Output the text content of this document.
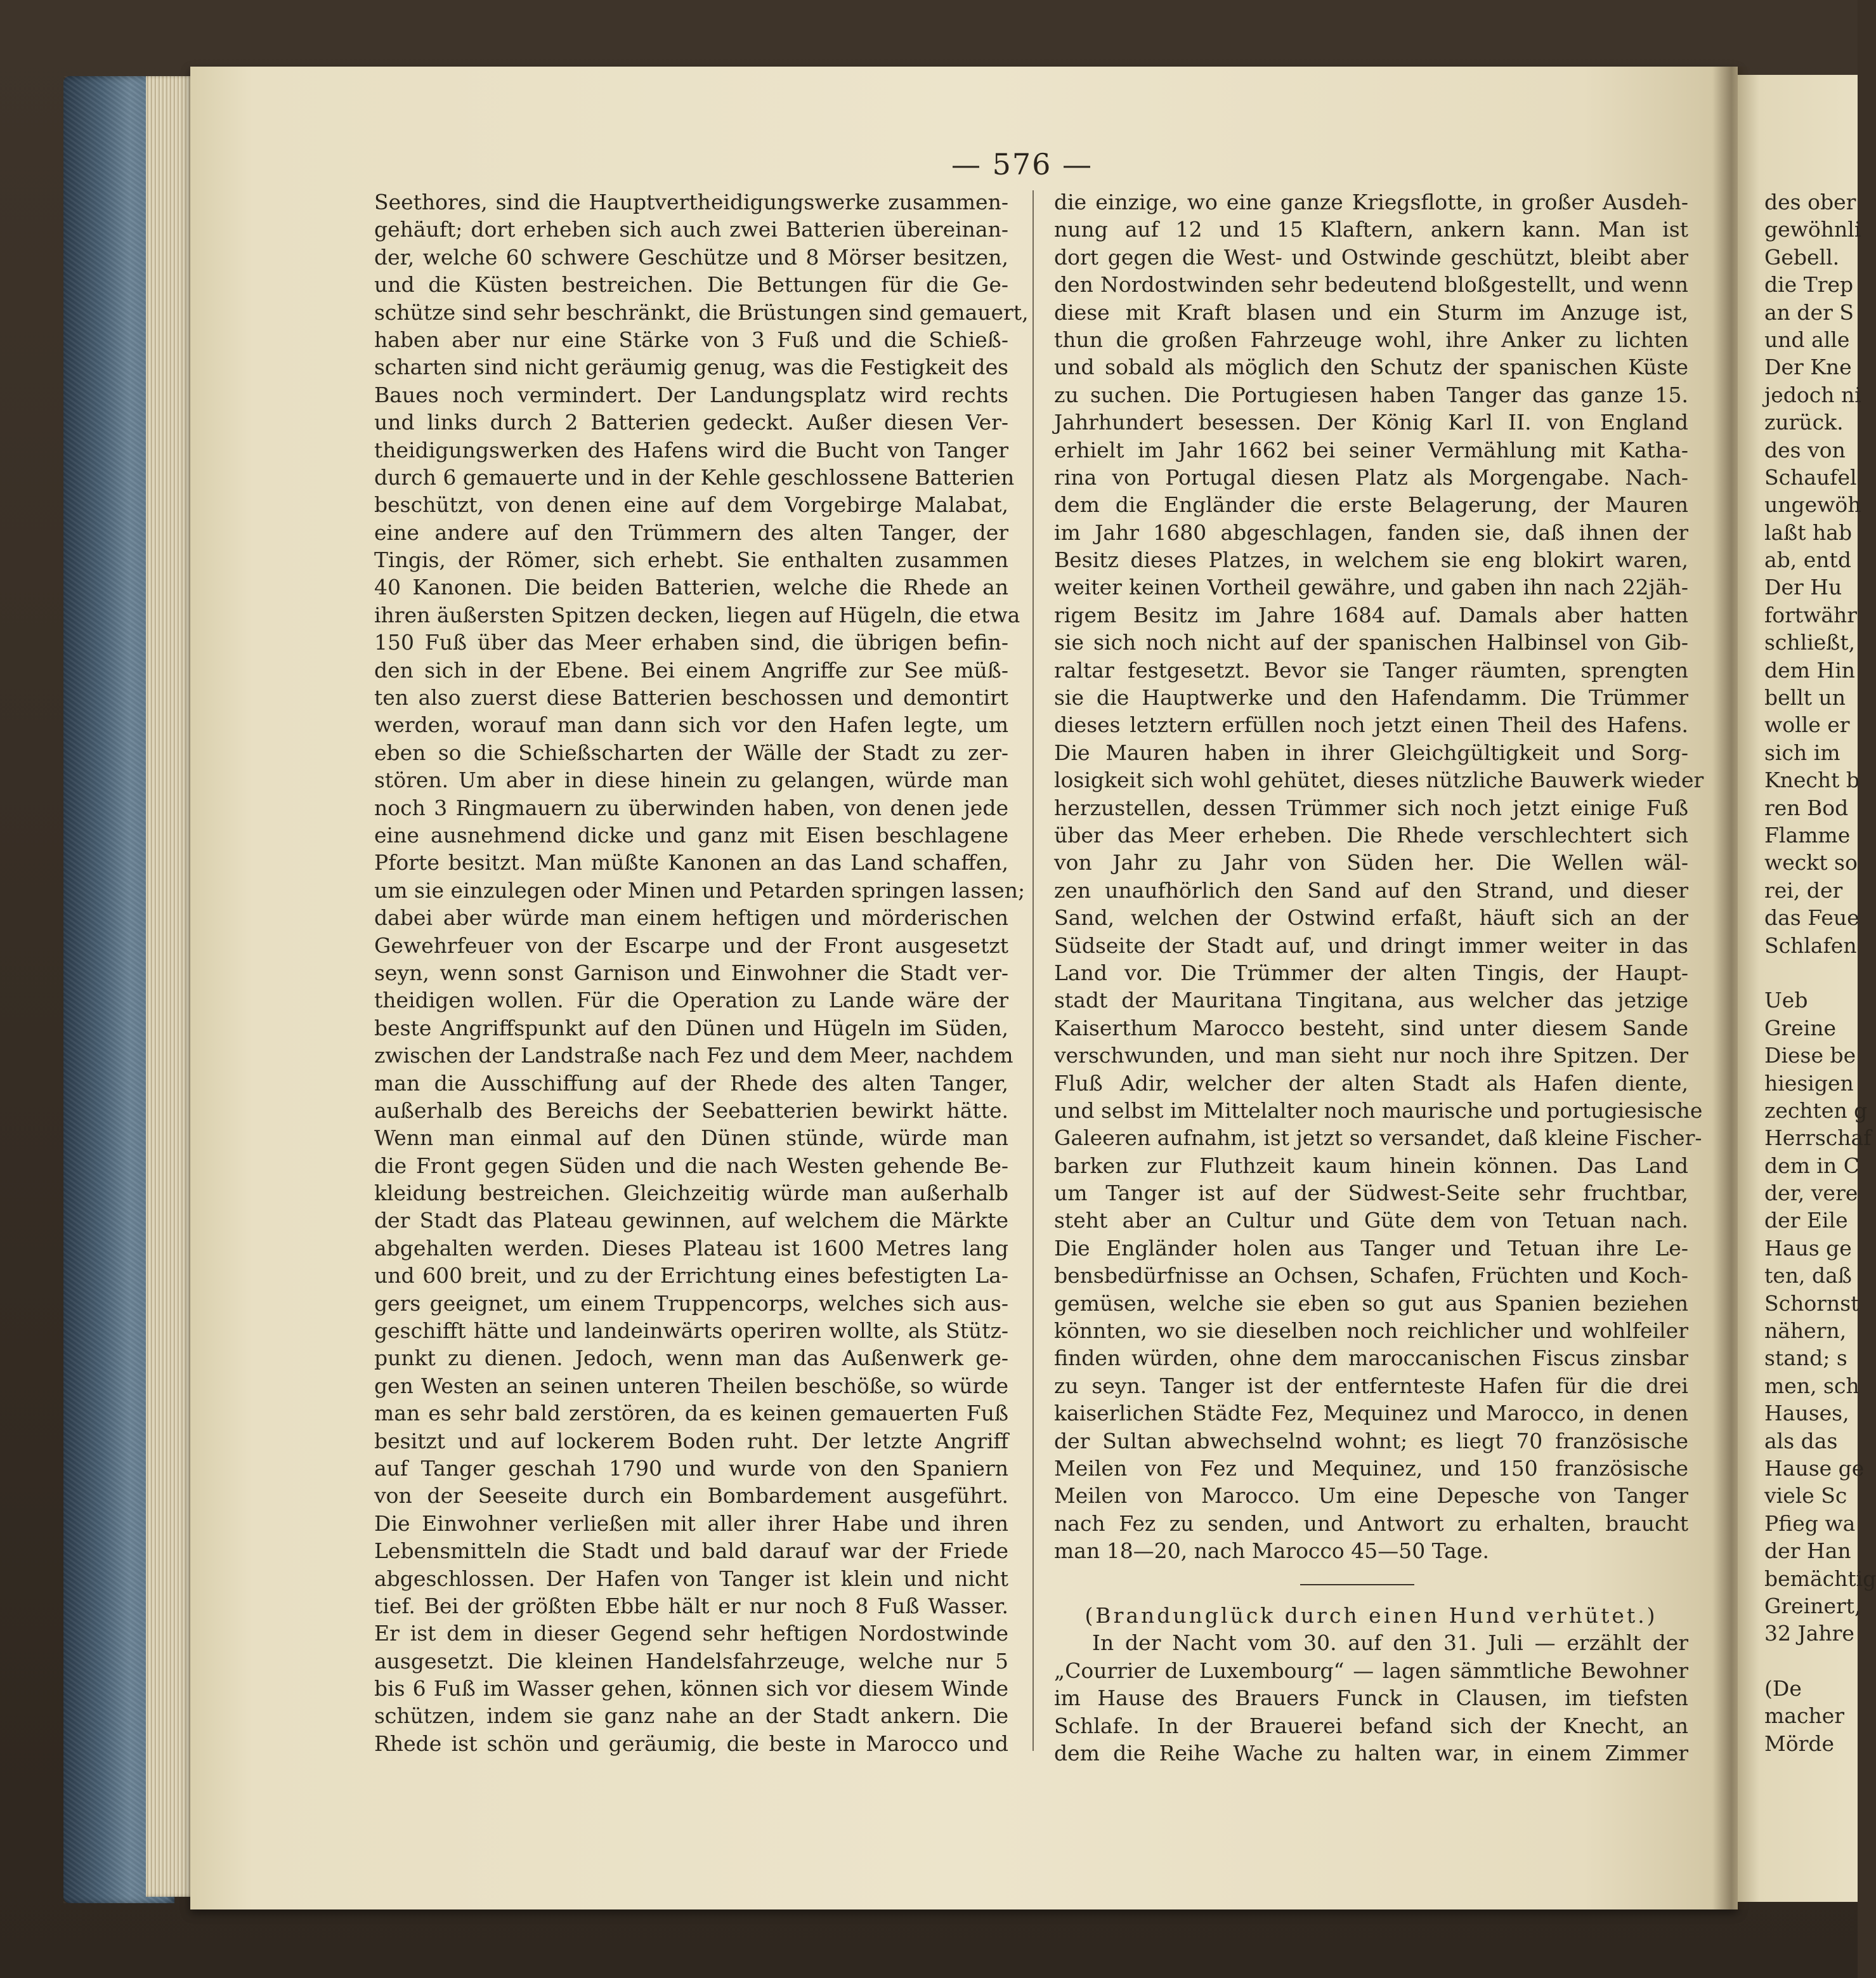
— 576 —
Seethores, sind die Hauptvertheidigungswerke zusammen-
gehäuft; dort erheben sich auch zwei Batterien übereinan-
der, welche 60 schwere Geschütze und 8 Mörser besitzen,
und die Küsten bestreichen. Die Bettungen für die Ge-
schütze sind sehr beschränkt, die Brüstungen sind gemauert,
haben aber nur eine Stärke von 3 Fuß und die Schieß-
scharten sind nicht geräumig genug, was die Festigkeit des
Baues noch vermindert. Der Landungsplatz wird rechts
und links durch 2 Batterien gedeckt. Außer diesen Ver-
theidigungswerken des Hafens wird die Bucht von Tanger
durch 6 gemauerte und in der Kehle geschlossene Batterien
beschützt, von denen eine auf dem Vorgebirge Malabat,
eine andere auf den Trümmern des alten Tanger, der
Tingis, der Römer, sich erhebt. Sie enthalten zusammen
40 Kanonen. Die beiden Batterien, welche die Rhede an
ihren äußersten Spitzen decken, liegen auf Hügeln, die etwa
150 Fuß über das Meer erhaben sind, die übrigen befin-
den sich in der Ebene. Bei einem Angriffe zur See müß-
ten also zuerst diese Batterien beschossen und demontirt
werden, worauf man dann sich vor den Hafen legte, um
eben so die Schießscharten der Wälle der Stadt zu zer-
stören. Um aber in diese hinein zu gelangen, würde man
noch 3 Ringmauern zu überwinden haben, von denen jede
eine ausnehmend dicke und ganz mit Eisen beschlagene
Pforte besitzt. Man müßte Kanonen an das Land schaffen,
um sie einzulegen oder Minen und Petarden springen lassen;
dabei aber würde man einem heftigen und mörderischen
Gewehrfeuer von der Escarpe und der Front ausgesetzt
seyn, wenn sonst Garnison und Einwohner die Stadt ver-
theidigen wollen. Für die Operation zu Lande wäre der
beste Angriffspunkt auf den Dünen und Hügeln im Süden,
zwischen der Landstraße nach Fez und dem Meer, nachdem
man die Ausschiffung auf der Rhede des alten Tanger,
außerhalb des Bereichs der Seebatterien bewirkt hätte.
Wenn man einmal auf den Dünen stünde, würde man
die Front gegen Süden und die nach Westen gehende Be-
kleidung bestreichen. Gleichzeitig würde man außerhalb
der Stadt das Plateau gewinnen, auf welchem die Märkte
abgehalten werden. Dieses Plateau ist 1600 Metres lang
und 600 breit, und zu der Errichtung eines befestigten La-
gers geeignet, um einem Truppencorps, welches sich aus-
geschifft hätte und landeinwärts operiren wollte, als Stütz-
punkt zu dienen. Jedoch, wenn man das Außenwerk ge-
gen Westen an seinen unteren Theilen beschöße, so würde
man es sehr bald zerstören, da es keinen gemauerten Fuß
besitzt und auf lockerem Boden ruht. Der letzte Angriff
auf Tanger geschah 1790 und wurde von den Spaniern
von der Seeseite durch ein Bombardement ausgeführt.
Die Einwohner verließen mit aller ihrer Habe und ihren
Lebensmitteln die Stadt und bald darauf war der Friede
abgeschlossen. Der Hafen von Tanger ist klein und nicht
tief. Bei der größten Ebbe hält er nur noch 8 Fuß Wasser.
Er ist dem in dieser Gegend sehr heftigen Nordostwinde
ausgesetzt. Die kleinen Handelsfahrzeuge, welche nur 5
bis 6 Fuß im Wasser gehen, können sich vor diesem Winde
schützen, indem sie ganz nahe an der Stadt ankern. Die
Rhede ist schön und geräumig, die beste in Marocco und
die einzige, wo eine ganze Kriegsflotte, in großer Ausdeh-
nung auf 12 und 15 Klaftern, ankern kann. Man ist
dort gegen die West- und Ostwinde geschützt, bleibt aber
den Nordostwinden sehr bedeutend bloßgestellt, und wenn
diese mit Kraft blasen und ein Sturm im Anzuge ist,
thun die großen Fahrzeuge wohl, ihre Anker zu lichten
und sobald als möglich den Schutz der spanischen Küste
zu suchen. Die Portugiesen haben Tanger das ganze 15.
Jahrhundert besessen. Der König Karl II. von England
erhielt im Jahr 1662 bei seiner Vermählung mit Katha-
rina von Portugal diesen Platz als Morgengabe. Nach-
dem die Engländer die erste Belagerung, der Mauren
im Jahr 1680 abgeschlagen, fanden sie, daß ihnen der
Besitz dieses Platzes, in welchem sie eng blokirt waren,
weiter keinen Vortheil gewähre, und gaben ihn nach 22jäh-
rigem Besitz im Jahre 1684 auf. Damals aber hatten
sie sich noch nicht auf der spanischen Halbinsel von Gib-
raltar festgesetzt. Bevor sie Tanger räumten, sprengten
sie die Hauptwerke und den Hafendamm. Die Trümmer
dieses letztern erfüllen noch jetzt einen Theil des Hafens.
Die Mauren haben in ihrer Gleichgültigkeit und Sorg-
losigkeit sich wohl gehütet, dieses nützliche Bauwerk wieder
herzustellen, dessen Trümmer sich noch jetzt einige Fuß
über das Meer erheben. Die Rhede verschlechtert sich
von Jahr zu Jahr von Süden her. Die Wellen wäl-
zen unaufhörlich den Sand auf den Strand, und dieser
Sand, welchen der Ostwind erfaßt, häuft sich an der
Südseite der Stadt auf, und dringt immer weiter in das
Land vor. Die Trümmer der alten Tingis, der Haupt-
stadt der Mauritana Tingitana, aus welcher das jetzige
Kaiserthum Marocco besteht, sind unter diesem Sande
verschwunden, und man sieht nur noch ihre Spitzen. Der
Fluß Adir, welcher der alten Stadt als Hafen diente,
und selbst im Mittelalter noch maurische und portugiesische
Galeeren aufnahm, ist jetzt so versandet, daß kleine Fischer-
barken zur Fluthzeit kaum hinein können. Das Land
um Tanger ist auf der Südwest-Seite sehr fruchtbar,
steht aber an Cultur und Güte dem von Tetuan nach.
Die Engländer holen aus Tanger und Tetuan ihre Le-
bensbedürfnisse an Ochsen, Schafen, Früchten und Koch-
gemüsen, welche sie eben so gut aus Spanien beziehen
könnten, wo sie dieselben noch reichlicher und wohlfeiler
finden würden, ohne dem maroccanischen Fiscus zinsbar
zu seyn. Tanger ist der entfernteste Hafen für die drei
kaiserlichen Städte Fez, Mequinez und Marocco, in denen
der Sultan abwechselnd wohnt; es liegt 70 französische
Meilen von Fez und Mequinez, und 150 französische
Meilen von Marocco. Um eine Depesche von Tanger
nach Fez zu senden, und Antwort zu erhalten, braucht
man 18—20, nach Marocco 45—50 Tage.
(Brandunglück durch einen Hund verhütet.)
In der Nacht vom 30. auf den 31. Juli — erzählt der
„Courrier de Luxembourg“ — lagen sämmtliche Bewohner
im Hause des Brauers Funck in Clausen, im tiefsten
Schlafe. In der Brauerei befand sich der Knecht, an
dem die Reihe Wache zu halten war, in einem Zimmer
des ober
gewöhnli
Gebell.
die Trep
an der S
und alle
Der Kne
jedoch ni
zurück.
des von
Schaufel
ungewöh
laßt hab
ab, entd
Der Hu
fortwähr
schließt,
dem Hin
bellt un
wolle er
sich im
Knecht b
ren Bod
Flamme
weckt so
rei, der
das Feue
Schlafen

Ueb
Greine
Diese be
hiesigen
zechten g
Herrschaf
dem in C
der, vere
der Eile
Haus ge
ten, daß
Schornst
nähern,
stand; s
men, sch
Hauses,
als das
Hause ge
viele Sc
Pfieg wa
der Han
bemächtig
Greinert,
32 Jahre

(De
macher
Mörde
